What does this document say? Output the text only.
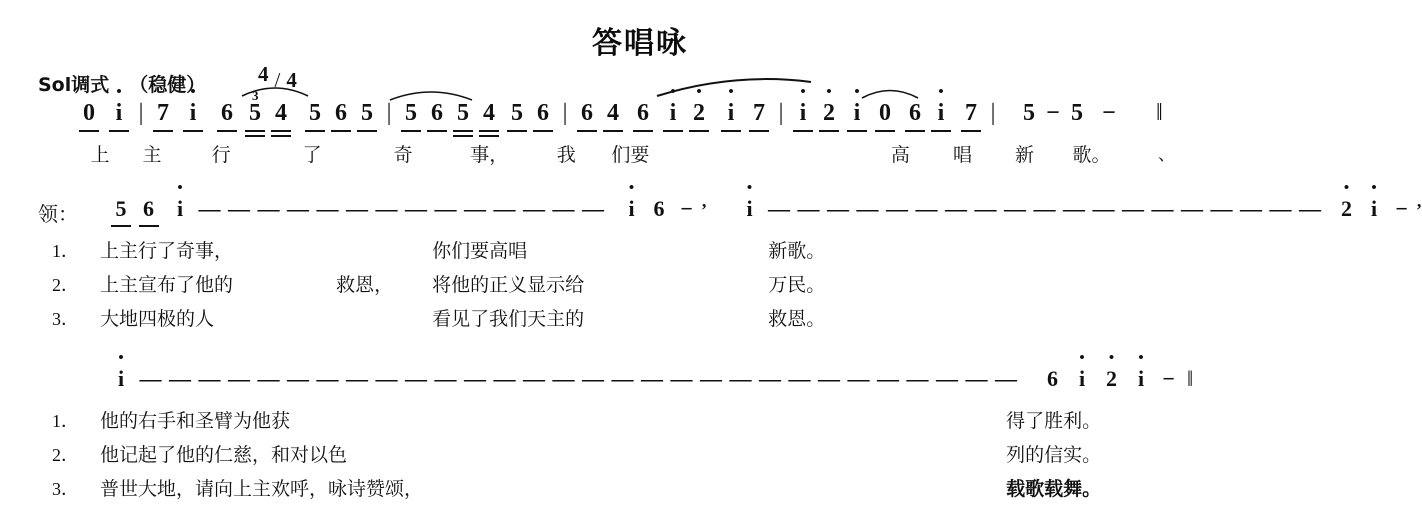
答唱咏
Sol调式 （稳健）	4 / 4
0 • i | 7 • i 6 5 4 5 6 5 | 5 6 5 4 5 6 | 6 4 6 • i • 2 • i 7 | • i • 2 • i 0 6 • i 7 | 5 − 5 − ‖
3
上 主	行	了	奇	事，	我 们要	高 唱 新 歌。	、
领： 5 6 • i — — — — — — — — — — — — — — • i 6 − ’ • i — — — — — — — — — — — — — — — — — — — • 2 • i − ’
1． 上主行了奇事，	你们要高唱	新歌。
2． 上主宣布了他的	救恩， 将他的正义显示给	万民。
3． 大地四极的人	看见了我们天主的	救恩。
• i — — — — — — — — — — — — — — — — — — — — — — — — — — — — — — 6 • i • 2 • i − ‖
1． 他的右手和圣臂为他获	得了胜利。
2． 他记起了他的仁慈，和对以色	列的信实。
3． 普世大地，请向上主欢呼，咏诗赞颂，	载歌载舞。
